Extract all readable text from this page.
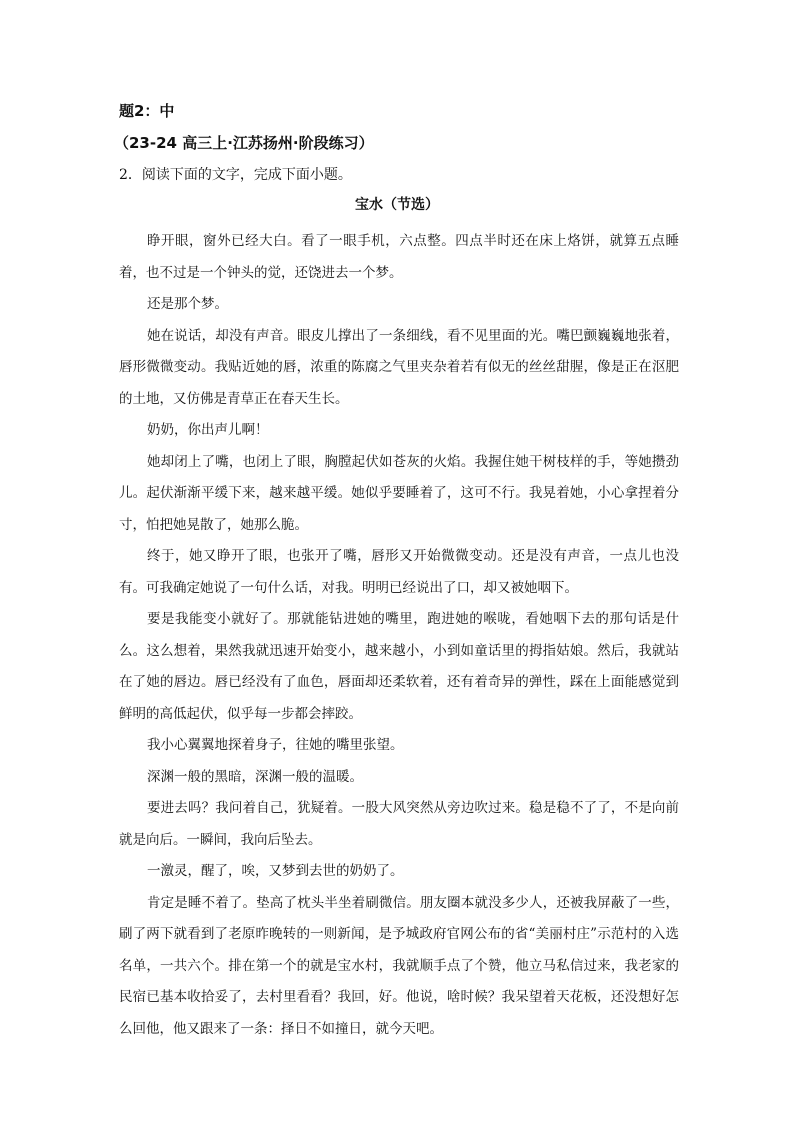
题2：中

（23-24 高三上·江苏扬州·阶段练习）

2．阅读下面的文字，完成下面小题。

宝水（节选）

睁开眼，窗外已经大白。看了一眼手机，六点整。四点半时还在床上烙饼，就算五点睡着，也不过是一个钟头的觉，还饶进去一个梦。

还是那个梦。

她在说话，却没有声音。眼皮儿撑出了一条细线，看不见里面的光。嘴巴颤巍巍地张着，唇形微微变动。我贴近她的唇，浓重的陈腐之气里夹杂着若有似无的丝丝甜腥，像是正在沤肥的土地，又仿佛是青草正在春天生长。

奶奶，你出声儿啊！

她却闭上了嘴，也闭上了眼，胸膛起伏如苍灰的火焰。我握住她干树枝样的手，等她攒劲儿。起伏渐渐平缓下来，越来越平缓。她似乎要睡着了，这可不行。我晃着她，小心拿捏着分寸，怕把她晃散了，她那么脆。

终于，她又睁开了眼，也张开了嘴，唇形又开始微微变动。还是没有声音，一点儿也没有。可我确定她说了一句什么话，对我。明明已经说出了口，却又被她咽下。

要是我能变小就好了。那就能钻进她的嘴里，跑进她的喉咙，看她咽下去的那句话是什么。这么想着，果然我就迅速开始变小，越来越小，小到如童话里的拇指姑娘。然后，我就站在了她的唇边。唇已经没有了血色，唇面却还柔软着，还有着奇异的弹性，踩在上面能感觉到鲜明的高低起伏，似乎每一步都会摔跤。

我小心翼翼地探着身子，往她的嘴里张望。

深渊一般的黑暗，深渊一般的温暖。

要进去吗？我问着自己，犹疑着。一股大风突然从旁边吹过来。稳是稳不了了，不是向前就是向后。一瞬间，我向后坠去。

一激灵，醒了，唉，又梦到去世的奶奶了。

肯定是睡不着了。垫高了枕头半坐着刷微信。朋友圈本就没多少人，还被我屏蔽了一些，刷了两下就看到了老原昨晚转的一则新闻，是予城政府官网公布的省“美丽村庄”示范村的入选名单，一共六个。排在第一个的就是宝水村，我就顺手点了个赞，他立马私信过来，我老家的民宿已基本收拾妥了，去村里看看？我回，好。他说，啥时候？我呆望着天花板，还没想好怎么回他，他又跟来了一条：择日不如撞日，就今天吧。
